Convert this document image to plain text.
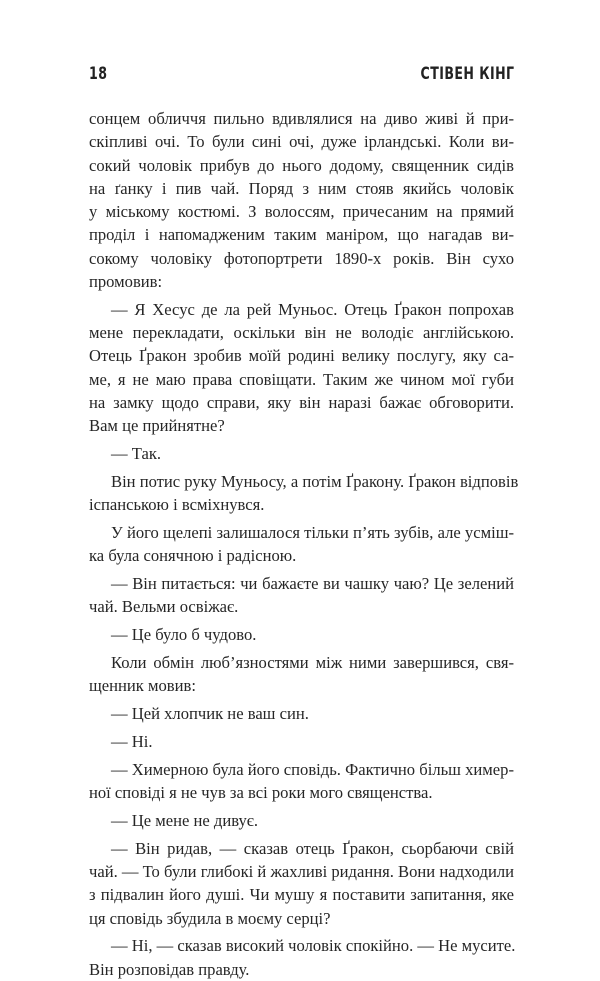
18	СТІВЕН КІНГ
сонцем обличчя пильно вдивлялися на диво живі й при-
скіпливі очі. То були сині очі, дуже ірландські. Коли ви-
сокий чоловік прибув до нього додому, священник сидів
на ґанку і пив чай. Поряд з ним стояв якийсь чоловік
у міському костюмі. З волоссям, причесаним на прямий
проділ і напомадженим таким маніром, що нагадав ви-
сокому чоловіку фотопортрети 1890-х років. Він сухо
промовив:
— Я Хесус де ла рей Муньос. Отець Ґракон попрохав
мене перекладати, оскільки він не володіє англійською.
Отець Ґракон зробив моїй родині велику послугу, яку са-
ме, я не маю права сповіщати. Таким же чином мої губи
на замку щодо справи, яку він наразі бажає обговорити.
Вам це прийнятне?
— Так.
Він потис руку Муньосу, а потім Ґракону. Ґракон відповів
іспанською і всміхнувся.
У його щелепі залишалося тільки п’ять зубів, але усміш-
ка була сонячною і радісною.
— Він питається: чи бажаєте ви чашку чаю? Це зелений
чай. Вельми освіжає.
— Це було б чудово.
Коли обмін люб’язностями між ними завершився, свя-
щенник мовив:
— Цей хлопчик не ваш син.
— Ні.
— Химерною була його сповідь. Фактично більш химер-
ної сповіді я не чув за всі роки мого священства.
— Це мене не дивує.
— Він ридав, — сказав отець Ґракон, сьорбаючи свій
чай. — То були глибокі й жахливі ридання. Вони надходили
з підвалин його душі. Чи мушу я поставити запитання, яке
ця сповідь збудила в моєму серці?
— Ні, — сказав високий чоловік спокійно. — Не мусите.
Він розповідав правду.
